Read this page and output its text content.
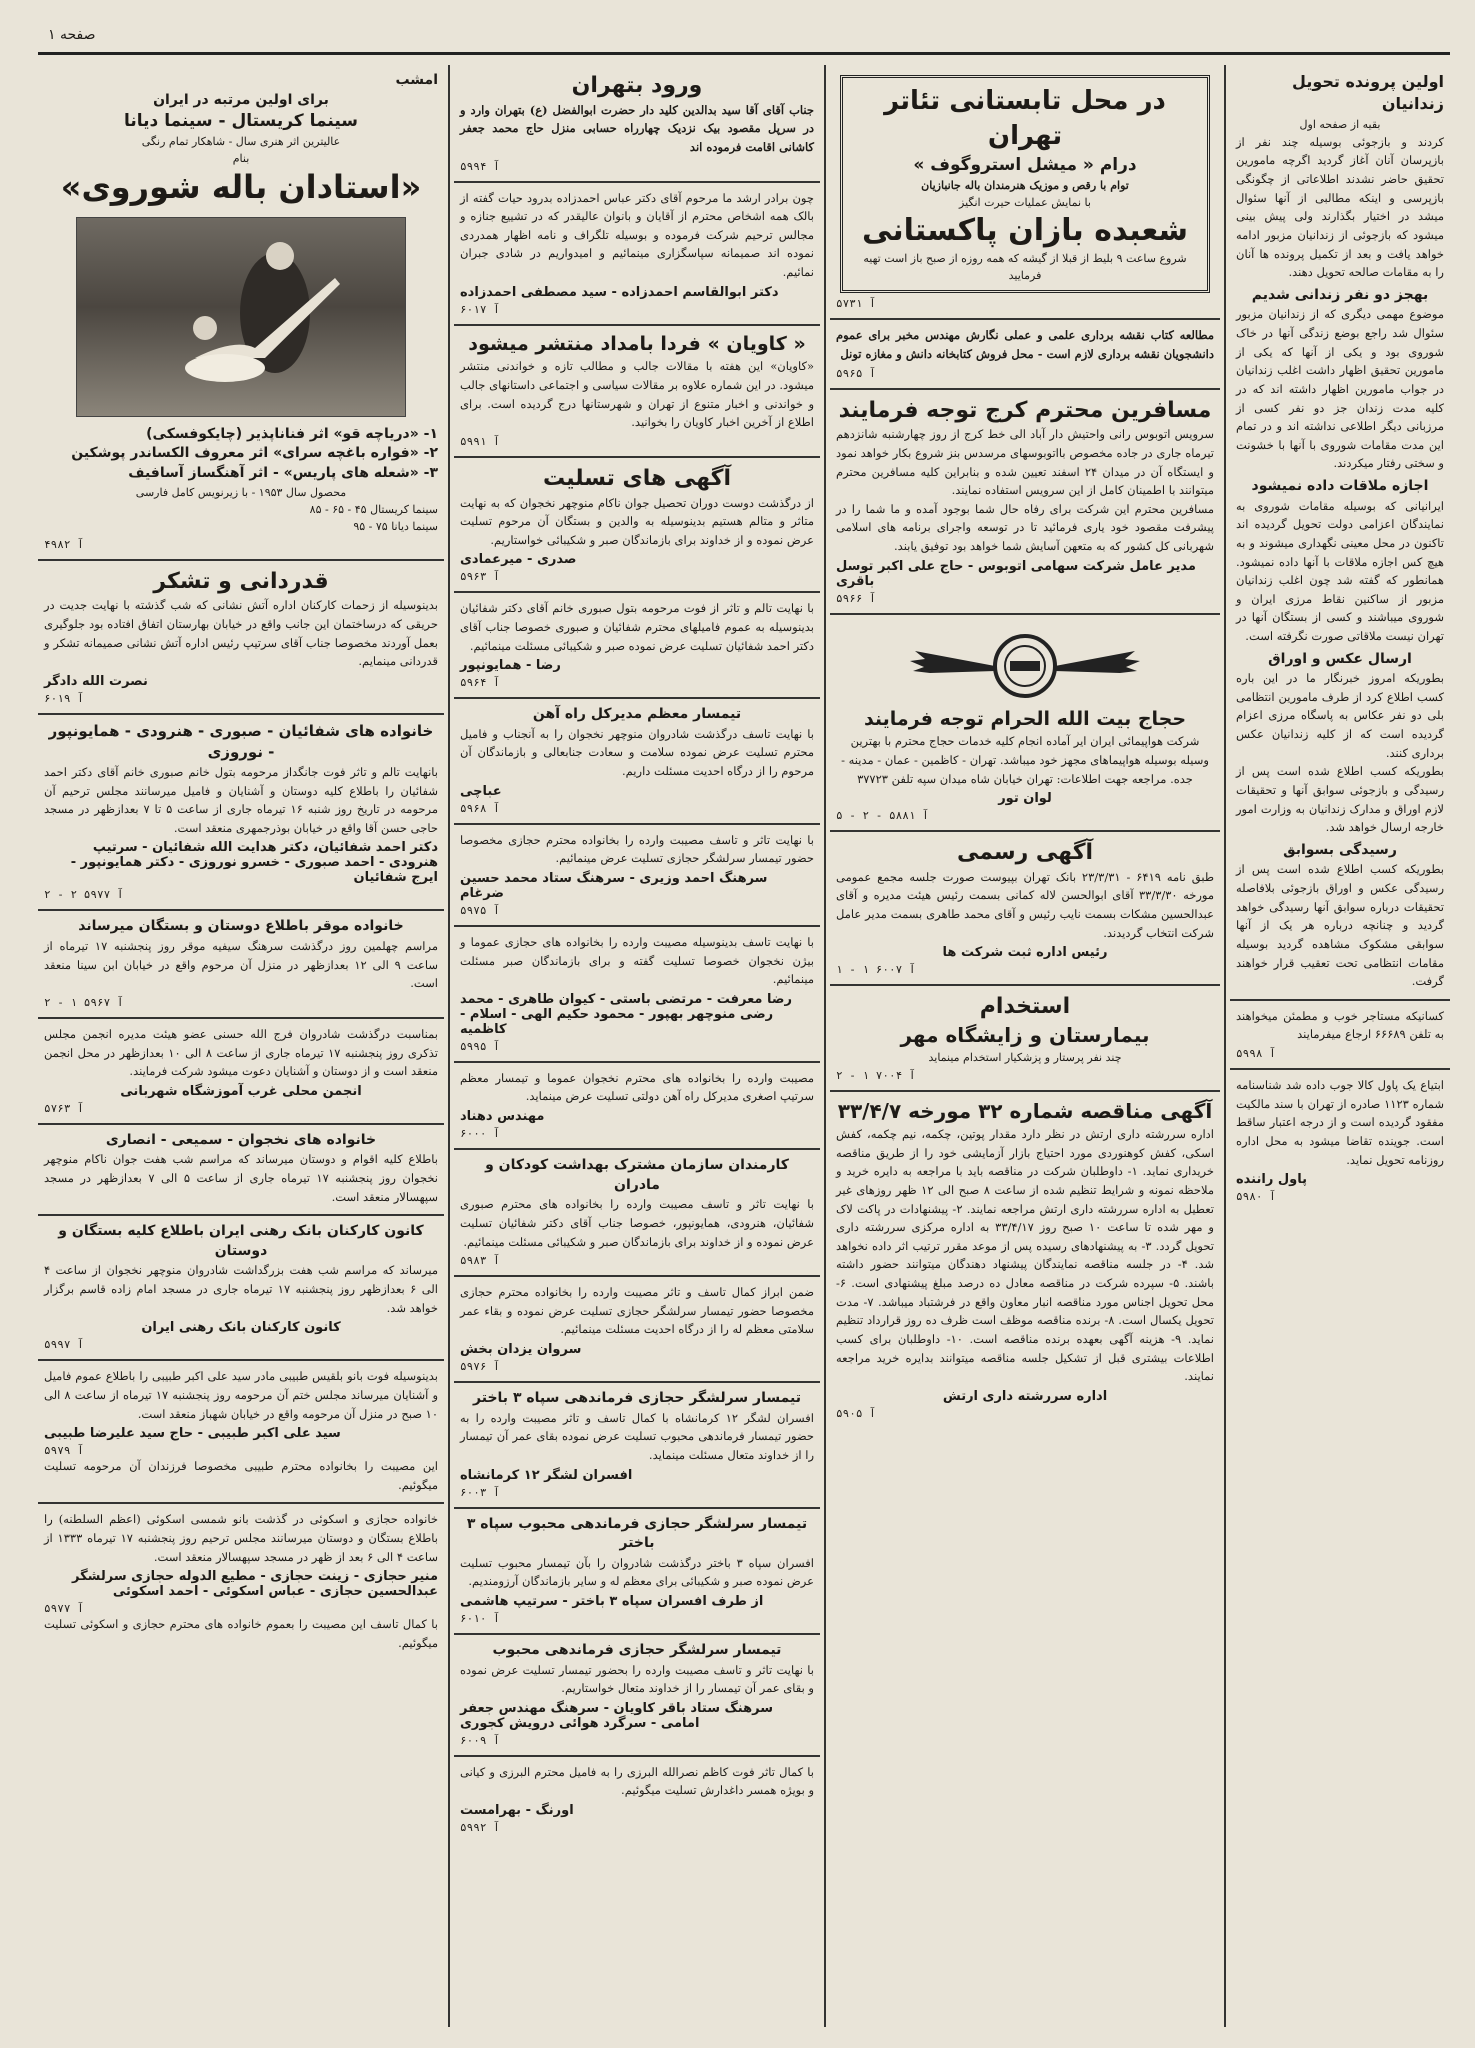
صفحه ۱
اولین پرونده تحویل زندانیان
بقیه از صفحه اول
کردند و بازجوئی بوسیله چند نفر از بازپرسان آنان آغاز گردید اگرچه مامورین تحقیق حاضر نشدند اطلاعاتی از چگونگی بازپرسی و اینکه مطالبی از آنها سئوال میشد در اختیار بگذارند ولی پیش بینی میشود که بازجوئی از زندانیان مزبور ادامه خواهد یافت و بعد از تکمیل پرونده ها آنان را به مقامات صالحه تحویل دهند.
بهجز دو نفر زندانی شدیم
موضوع مهمی دیگری که از زندانیان مزبور سئوال شد راجع بوضع زندگی آنها در خاک شوروی بود و یکی از آنها که یکی از مامورین تحقیق اظهار داشت اغلب زندانیان در جواب مامورین اظهار داشته اند که در کلیه مدت زندان جز دو نفر کسی از مرزبانی دیگر اطلاعی نداشته اند و در تمام این مدت مقامات شوروی با آنها با خشونت و سختی رفتار میکردند.
اجازه ملاقات داده نمیشود
ایرانیانی که بوسیله مقامات شوروی به نمایندگان اعزامی دولت تحویل گردیده اند تاکنون در محل معینی نگهداری میشوند و به هیچ کس اجازه ملاقات با آنها داده نمیشود. همانطور که گفته شد چون اغلب زندانیان مزبور از ساکنین نقاط مرزی ایران و شوروی میباشند و کسی از بستگان آنها در تهران نیست ملاقاتی صورت نگرفته است.
ارسال عکس و اوراق
بطوریکه امروز خبرنگار ما در این باره کسب اطلاع کرد از طرف مامورین انتظامی بلی دو نفر عکاس به پاسگاه مرزی اعزام گردیده است که از کلیه زندانیان عکس برداری کنند.
بطوریکه کسب اطلاع شده است پس از رسیدگی و بازجوئی سوابق آنها و تحقیقات لازم اوراق و مدارک زندانیان به وزارت امور خارجه ارسال خواهد شد.
رسیدگی بسوابق
بطوریکه کسب اطلاع شده است پس از رسیدگی عکس و اوراق بازجوئی بلافاصله تحقیقات درباره سوابق آنها رسیدگی خواهد گردید و چنانچه درباره هر یک از آنها سوابقی مشکوک مشاهده گردید بوسیله مقامات انتظامی تحت تعقیب قرار خواهند گرفت.
کسانیکه مستاجر خوب و مطمئن میخواهند به تلفن ۶۶۶۸۹ ارجاع میفرمایند
آ ۵۹۹۸
ابتیاع یک پاول کالا جوب داده شد شناسنامه شماره ۱۱۲۳ صادره از تهران با سند مالکیت مفقود گردیده است و از درجه اعتبار ساقط است. جوینده تقاضا میشود به محل اداره روزنامه تحویل نماید.
پاول راننده
آ ۵۹۸۰
در محل تابستانی تئاتر تهران
درام « میشل استروگوف »
توام با رقص و موزیک هنرمندان باله جانبازیان
با نمایش عملیات حیرت انگیز
شعبده بازان پاکستانی
شروع ساعت ۹ بلیط از قبلا از گیشه که همه روزه از صبح باز است تهیه فرمایید
آ ۵۷۳۱
مطالعه کتاب نقشه برداری علمی و عملی نگارش مهندس مخبر برای عموم دانشجویان نقشه برداری لازم است - محل فروش کتابخانه دانش و مغازه تونل
آ ۵۹۶۵
مسافرین محترم کرج توجه فرمایند
سرویس اتوبوس رانی واحتیش دار آباد الی خط کرج از روز چهارشنبه شانزدهم تیرماه جاری در جاده مخصوص بااتوبوسهای مرسدس بنز شروع بکار خواهد نمود و ایستگاه آن در میدان ۲۴ اسفند تعیین شده و بنابراین کلیه مسافرین محترم میتوانند با اطمینان کامل از این سرویس استفاده نمایند.
مسافرین محترم این شرکت برای رفاه حال شما بوجود آمده و ما شما را در پیشرفت مقصود خود یاری فرمائید تا در توسعه واجرای برنامه های اسلامی شهربانی کل کشور که به متعهن آسایش شما خواهد بود توفیق یابند.
مدیر عامل شرکت سهامی اتوبوس - حاج علی اکبر توسل باقری
آ ۵۹۶۶
حجاج بیت الله الحرام توجه فرمایند
شرکت هواپیمائی ایران ایر آماده انجام کلیه خدمات حجاج محترم با بهترین وسیله بوسیله هواپیماهای مجهز خود میباشد. تهران - کاظمین - عمان - مدینه - جده. مراجعه جهت اطلاعات: تهران خیابان شاه میدان سپه تلفن ۳۷۷۲۳
لوان تور
آ ۵۸۸۱ - ۲ - ۵
آگهی رسمی
طبق نامه ۶۴۱۹ - ۲۳/۳/۳۱ بانک تهران بپیوست صورت جلسه مجمع عمومی مورخه ۳۳/۳/۳۰ آقای ابوالحسن لاله کمانی بسمت رئیس هیئت مدیره و آقای عبدالحسین مشکات بسمت نایب رئیس و آقای محمد طاهری بسمت مدیر عامل شرکت انتخاب گردیدند.
رئیس اداره ثبت شرکت ها
آ ۶۰۰۷ ۱ - ۱
استخدام
بیمارستان و زایشگاه مهر
چند نفر پرستار و پزشکیار استخدام مینماید
آ ۷۰۰۴ ۱ - ۲
آگهی مناقصه شماره ۳۲ مورخه ۳۳/۴/۷
اداره سررشته داری ارتش در نظر دارد مقدار پوتین، چکمه، نیم چکمه، کفش اسکی، کفش کوهنوردی مورد احتیاج بازار آزمایشی خود را از طریق مناقصه خریداری نماید. ۱- داوطلبان شرکت در مناقصه باید با مراجعه به دایره خرید و ملاحظه نمونه و شرایط تنظیم شده از ساعت ۸ صبح الی ۱۲ ظهر روزهای غیر تعطیل به اداره سررشته داری ارتش مراجعه نمایند. ۲- پیشنهادات در پاکت لاک و مهر شده تا ساعت ۱۰ صبح روز ۳۳/۴/۱۷ به اداره مرکزی سررشته داری تحویل گردد. ۳- به پیشنهادهای رسیده پس از موعد مقرر ترتیب اثر داده نخواهد شد. ۴- در جلسه مناقصه نمایندگان پیشنهاد دهندگان میتوانند حضور داشته باشند. ۵- سپرده شرکت در مناقصه معادل ده درصد مبلغ پیشنهادی است. ۶- محل تحویل اجناس مورد مناقصه انبار معاون واقع در فرشتباد میباشد. ۷- مدت تحویل یکسال است. ۸- برنده مناقصه موظف است ظرف ده روز قرارداد تنظیم نماید. ۹- هزینه آگهی بعهده برنده مناقصه است. ۱۰- داوطلبان برای کسب اطلاعات بیشتری قبل از تشکیل جلسه مناقصه میتوانند بدایره خرید مراجعه نمایند.
اداره سررشته داری ارتش
آ ۵۹۰۵
ورود بتهران
جناب آقای آقا سید بدالدین کلید دار حضرت ابوالفضل (ع) بتهران وارد و در سرپل مقصود بیک نزدیک چهارراه حسابی منزل حاج محمد جعفر کاشانی اقامت فرموده اند
آ ۵۹۹۴
چون برادر ارشد ما مرحوم آقای دکتر عباس احمدزاده بدرود حیات گفته از بالک همه اشخاص محترم از آقایان و بانوان عالیقدر که در تشییع جنازه و مجالس ترحیم شرکت فرموده و بوسیله تلگراف و نامه اظهار همدردی نموده اند صمیمانه سپاسگزاری مینمائیم و امیدواریم در شادی جبران نمائیم.
دکتر ابوالقاسم احمدزاده - سید مصطفی احمدزاده
آ ۶۰۱۷
« کاویان » فردا بامداد منتشر میشود
«کاویان» این هفته با مقالات جالب و مطالب تازه و خواندنی منتشر میشود. در این شماره علاوه بر مقالات سیاسی و اجتماعی داستانهای جالب و خواندنی و اخبار متنوع از تهران و شهرستانها درج گردیده است. برای اطلاع از آخرین اخبار کاویان را بخوانید.
آ ۵۹۹۱
آگهی های تسلیت
از درگذشت دوست دوران تحصیل جوان ناکام منوچهر نخجوان که به نهایت متاثر و متالم هستیم بدینوسیله به والدین و بستگان آن مرحوم تسلیت عرض نموده و از خداوند برای بازماندگان صبر و شکیبائی خواستاریم.
صدری - میرعمادی
آ ۵۹۶۳
با نهایت تالم و تاثر از فوت مرحومه بتول صبوری خانم آقای دکتر شفائیان بدینوسیله به عموم فامیلهای محترم شفائیان و صبوری خصوصا جناب آقای دکتر احمد شفائیان تسلیت عرض نموده صبر و شکیبائی مسئلت مینمائیم.
رضا - همایونپور
آ ۵۹۶۴
تیمسار معظم مدیرکل راه آهن
با نهایت تاسف درگذشت شادروان منوچهر نخجوان را به آنجناب و فامیل محترم تسلیت عرض نموده سلامت و سعادت جنابعالی و بازماندگان آن مرحوم را از درگاه احدیت مسئلت داریم.
عباچی
آ ۵۹۶۸
با نهایت تاثر و تاسف مصیبت وارده را بخانواده محترم حجازی مخصوصا حضور تیمسار سرلشگر حجازی تسلیت عرض مینمائیم.
سرهنگ احمد وزیری - سرهنگ ستاد محمد حسین ضرغام
آ ۵۹۷۵
با نهایت تاسف بدینوسیله مصیبت وارده را بخانواده های حجازی عموما و بیژن نخجوان خصوصا تسلیت گفته و برای بازماندگان صبر مسئلت مینمائیم.
رضا معرفت - مرتضی باستی - کیوان طاهری - محمد رضی منوچهر بهپور - محمود حکیم الهی - اسلام - کاظمیه
آ ۵۹۹۵
مصیبت وارده را بخانواده های محترم نخجوان عموما و تیمسار معظم سرتیپ اصغری مدیرکل راه آهن دولتی تسلیت عرض مینماید.
مهندس دهناد
آ ۶۰۰۰
کارمندان سازمان مشترک بهداشت کودکان و مادران
با نهایت تاثر و تاسف مصیبت وارده را بخانواده های محترم صبوری شفائیان، هنرودی، همایونپور، خصوصا جناب آقای دکتر شفائیان تسلیت عرض نموده و از خداوند برای بازماندگان صبر و شکیبائی مسئلت مینمائیم.
آ ۵۹۸۳
ضمن ابراز کمال تاسف و تاثر مصیبت وارده را بخانواده محترم حجازی مخصوصا حضور تیمسار سرلشگر حجازی تسلیت عرض نموده و بقاء عمر سلامتی معظم له را از درگاه احدیت مسئلت مینمائیم.
سروان یزدان بخش
آ ۵۹۷۶
تیمسار سرلشگر حجازی فرماندهی سپاه ۳ باختر
افسران لشگر ۱۲ کرمانشاه با کمال تاسف و تاثر مصیبت وارده را به حضور تیمسار فرماندهی محبوب تسلیت عرض نموده بقای عمر آن تیمسار را از خداوند متعال مسئلت مینماید.
افسران لشگر ۱۲ کرمانشاه
آ ۶۰۰۳
تیمسار سرلشگر حجازی فرماندهی محبوب سپاه ۳ باختر
افسران سپاه ۳ باختر درگذشت شادروان را بآن تیمسار محبوب تسلیت عرض نموده صبر و شکیبائی برای معظم له و سایر بازماندگان آرزومندیم.
از طرف افسران سپاه ۳ باختر - سرتیپ هاشمی
آ ۶۰۱۰
تیمسار سرلشگر حجازی فرماندهی محبوب
با نهایت تاثر و تاسف مصیبت وارده را بحضور تیمسار تسلیت عرض نموده و بقای عمر آن تیمسار را از خداوند متعال خواستاریم.
سرهنگ ستاد باقر کاویان - سرهنگ مهندس جعفر امامی - سرگرد هوائی درویش کجوری
آ ۶۰۰۹
با کمال تاثر فوت کاظم نصرالله البرزی را به فامیل محترم البرزی و کیانی و بویژه همسر داغدارش تسلیت میگوئیم.
اورنگ - بهرامست
آ ۵۹۹۲
امشب
برای اولین مرتبه در ایران
سینما کریستال - سینما دیانا
عالیترین اثر هنری سال - شاهکار تمام رنگی
بنام
«استادان باله شوروی»
۱- «دریاچه قو» اثر فناناپذیر (چایکوفسکی)
۲- «فواره باغچه سرای» اثر معروف الکساندر پوشکین
۳- «شعله های پاریس» - اثر آهنگساز آسافیف
محصول سال ۱۹۵۳ - با زیرنویس کامل فارسی
سینما کریستال ۴۵ - ۶۵ - ۸۵
سینما دیانا ۷۵ - ۹۵
آ ۴۹۸۲
قدردانی و تشکر
بدینوسیله از زحمات کارکنان اداره آتش نشانی که شب گذشته با نهایت جدیت در حریقی که درساختمان این جانب واقع در خیابان بهارستان اتفاق افتاده بود جلوگیری بعمل آوردند مخصوصا جناب آقای سرتیپ رئیس اداره آتش نشانی صمیمانه تشکر و قدردانی مینمایم.
نصرت الله دادگر
آ ۶۰۱۹
خانواده های شفائیان - صبوری - هنرودی - همایونپور - نوروزی
بانهایت تالم و تاثر فوت جانگداز مرحومه بتول خانم صبوری خانم آقای دکتر احمد شفائیان را باطلاع کلیه دوستان و آشنایان و فامیل میرسانند مجلس ترحیم آن مرحومه در تاریخ روز شنبه ۱۶ تیرماه جاری از ساعت ۵ تا ۷ بعدازظهر در مسجد حاجی حسن آقا واقع در خیابان بوذرجمهری منعقد است.
دکتر احمد شفائیان، دکتر هدایت الله شفائیان - سرتیپ هنرودی - احمد صبوری - خسرو نوروزی - دکتر همایونپور - ایرج شفائیان
آ ۵۹۷۷ ۲ - ۲
خانواده موقر باطلاع دوستان و بستگان میرساند
مراسم چهلمین روز درگذشت سرهنگ سیفیه موقر روز پنجشنبه ۱۷ تیرماه از ساعت ۹ الی ۱۲ بعدازظهر در منزل آن مرحوم واقع در خیابان ابن سینا منعقد است.
آ ۵۹۶۷ ۱ - ۲
بمناسبت درگذشت شادروان فرج الله حسنی عضو هیئت مدیره انجمن مجلس تذکری روز پنجشنبه ۱۷ تیرماه جاری از ساعت ۸ الی ۱۰ بعدازظهر در محل انجمن منعقد است و از دوستان و آشنایان دعوت میشود شرکت فرمایند.
انجمن محلی غرب آموزشگاه شهربانی
آ ۵۷۶۳
خانواده های نخجوان - سمیعی - انصاری
باطلاع کلیه اقوام و دوستان میرساند که مراسم شب هفت جوان ناکام منوچهر نخجوان روز پنجشنبه ۱۷ تیرماه جاری از ساعت ۵ الی ۷ بعدازظهر در مسجد سپهسالار منعقد است.
کانون کارکنان بانک رهنی ایران باطلاع کلیه بستگان و دوستان
میرساند که مراسم شب هفت بزرگداشت شادروان منوچهر نخجوان از ساعت ۴ الی ۶ بعدازظهر روز پنجشنبه ۱۷ تیرماه جاری در مسجد امام زاده قاسم برگزار خواهد شد.
کانون کارکنان بانک رهنی ایران
آ ۵۹۹۷
بدینوسیله فوت بانو بلقیس طبیبی مادر سید علی اکبر طبیبی را باطلاع عموم فامیل و آشنایان میرساند مجلس ختم آن مرحومه روز پنجشنبه ۱۷ تیرماه از ساعت ۸ الی ۱۰ صبح در منزل آن مرحومه واقع در خیابان شهباز منعقد است.
سید علی اکبر طبیبی - حاج سید علیرضا طبیبی
آ ۵۹۷۹
این مصیبت را بخانواده محترم طبیبی مخصوصا فرزندان آن مرحومه تسلیت میگوئیم.
خانواده حجازی و اسکوئی در گذشت بانو شمسی اسکوئی (اعظم السلطنه) را باطلاع بستگان و دوستان میرسانند مجلس ترحیم روز پنجشنبه ۱۷ تیرماه ۱۳۳۳ از ساعت ۴ الی ۶ بعد از ظهر در مسجد سپهسالار منعقد است.
منیر حجازی - زینت حجازی - مطیع الدوله حجازی سرلشگر عبدالحسین حجازی - عباس اسکوئی - احمد اسکوئی
آ ۵۹۷۷
با کمال تاسف این مصیبت را بعموم خانواده های محترم حجازی و اسکوئی تسلیت میگوئیم.
